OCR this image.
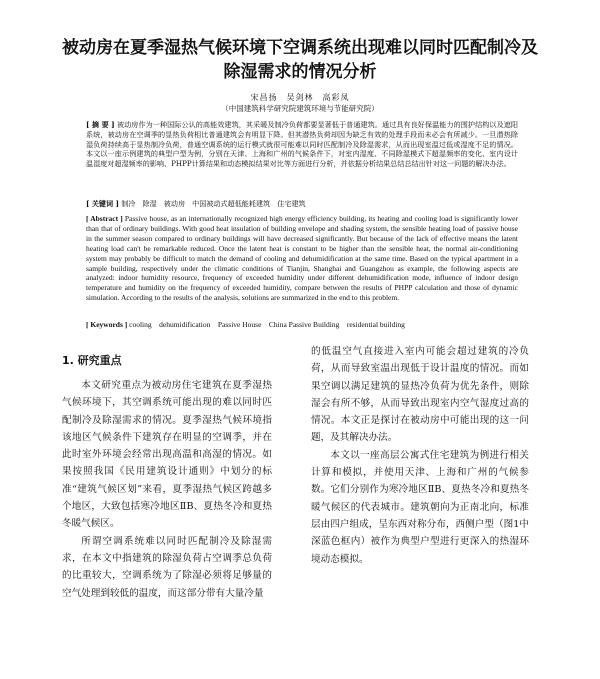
被动房在夏季湿热气候环境下空调系统出现难以同时匹配制冷及除湿需求的情况分析
宋昌扬　吴剑林　高彩凤
（中国建筑科学研究院建筑环境与节能研究院）
[ 摘 要 ] 被动房作为一种国际公认的高能效建筑，其采暖及制冷负荷都要显著低于普通建筑。通过具有良好保温能力的围护结构以及遮阳系统，被动房在空调季的显热负荷相比普通建筑会有明显下降。但其潜热负荷却因为缺乏有效的处理手段而未必会有所减少。一旦潜热除湿负荷持续高于显热制冷负荷，普通空调系统的运行模式就很可能难以同时匹配制冷及除湿需求，从而出现室温过低或湿度不足的情况。本文以一座示例建筑的典型户型为例，分别在天津、上海和广州的气候条件下，对室内湿度、不同除湿模式下超湿频率的变化、室内设计温湿度对超湿频率的影响、PHPP计算结果和动态模拟结果对比等方面进行分析，并依据分析结果总结总结出针对这一问题的解决办法。
[ 关键词 ] 制冷　除湿　被动房　中国被动式超低能耗建筑　住宅建筑
[ Abstract ] Passive house, as an internationally recognized high energy efficiency building, its heating and cooling load is significantly lower than that of ordinary buildings. With good heat insulation of building envelope and shading system, the sensible heating load of passive house in the summer season compared to ordinary buildings will have decreased significantly. But because of the lack of effective means the latent heating load can't be remarkable reduced. Once the latent heat is constant to be higher than the sensible heat, the normal air-conditioning system may probably be difficult to match the demand of cooling and dehumidification at the same time. Based on the typical apartment in a sample building, respectively under the climatic conditions of Tianjin, Shanghai and Guangzhou as example, the following aspects are analyzed: indoor humidity resource, frequency of exceeded humidity under different dehumidification mode, influence of indoor design temperature and humidity on the frequency of exceeded humidity, compare between the results of PHPP calculation and those of dynamic simulation. According to the results of the analysis, solutions are summarized in the end to this problem.
[ Keywords ] cooling　dehumidification　Passive House　China Passive Building　residential building
1. 研究重点

本文研究重点为被动房住宅建筑在夏季湿热气候环境下，其空调系统可能出现的难以同时匹配制冷及除湿需求的情况。夏季湿热气候环境指该地区气候条件下建筑存在明显的空调季，并在此时室外环境会经常出现高温和高湿的情况。如果按照我国《民用建筑设计通则》中划分的标准“建筑气候区划”来看，夏季湿热气候区跨越多个地区，大致包括寒冷地区ⅡB、夏热冬冷和夏热冬暖气候区。

所谓空调系统难以同时匹配制冷及除湿需求，在本文中指建筑的除湿负荷占空调季总负荷的比重较大，空调系统为了除湿必须将足够量的空气处理到较低的温度，而这部分带有大量冷量

的低温空气直接进入室内可能会超过建筑的冷负荷，从而导致室温出现低于设计温度的情况。而如果空调以满足建筑的显热冷负荷为优先条件，则除湿会有所不够，从而导致出现室内空气湿度过高的情况。本文正是探讨在被动房中可能出现的这一问题，及其解决办法。

本文以一座高层公寓式住宅建筑为例进行相关计算和模拟，并使用天津、上海和广州的气候参数。它们分别作为寒冷地区ⅡB、夏热冬冷和夏热冬暖气候区的代表城市。建筑朝向为正南北向，标准层由四户组成，呈东西对称分布，西侧户型（图1中深蓝色框内）被作为典型户型进行更深入的热湿环境动态模拟。
